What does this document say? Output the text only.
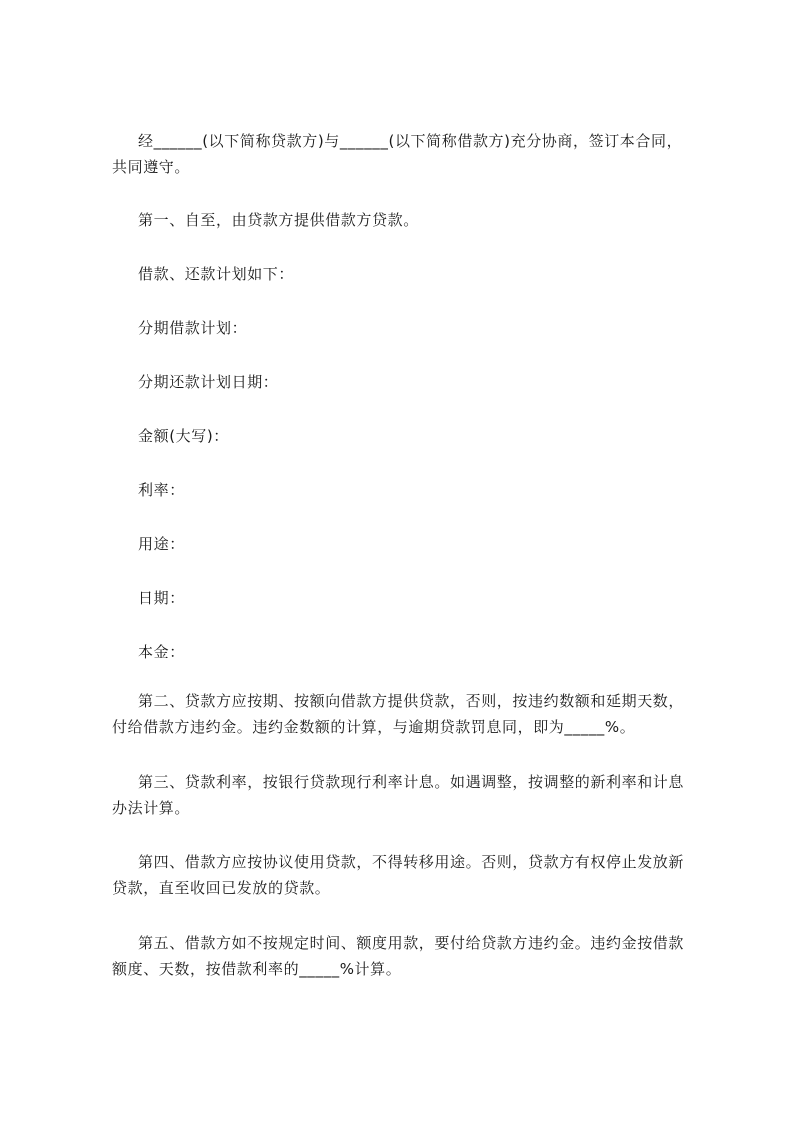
经______(以下简称贷款方)与______(以下简称借款方)充分协商，签订本合同，共同遵守。

第一、自至，由贷款方提供借款方贷款。

借款、还款计划如下：

分期借款计划：

分期还款计划日期：

金额(大写)：

利率：

用途：

日期：

本金：

第二、贷款方应按期、按额向借款方提供贷款，否则，按违约数额和延期天数，付给借款方违约金。违约金数额的计算，与逾期贷款罚息同，即为_____%。

第三、贷款利率，按银行贷款现行利率计息。如遇调整，按调整的新利率和计息办法计算。

第四、借款方应按协议使用贷款，不得转移用途。否则，贷款方有权停止发放新贷款，直至收回已发放的贷款。

第五、借款方如不按规定时间、额度用款，要付给贷款方违约金。违约金按借款额度、天数，按借款利率的_____%计算。
